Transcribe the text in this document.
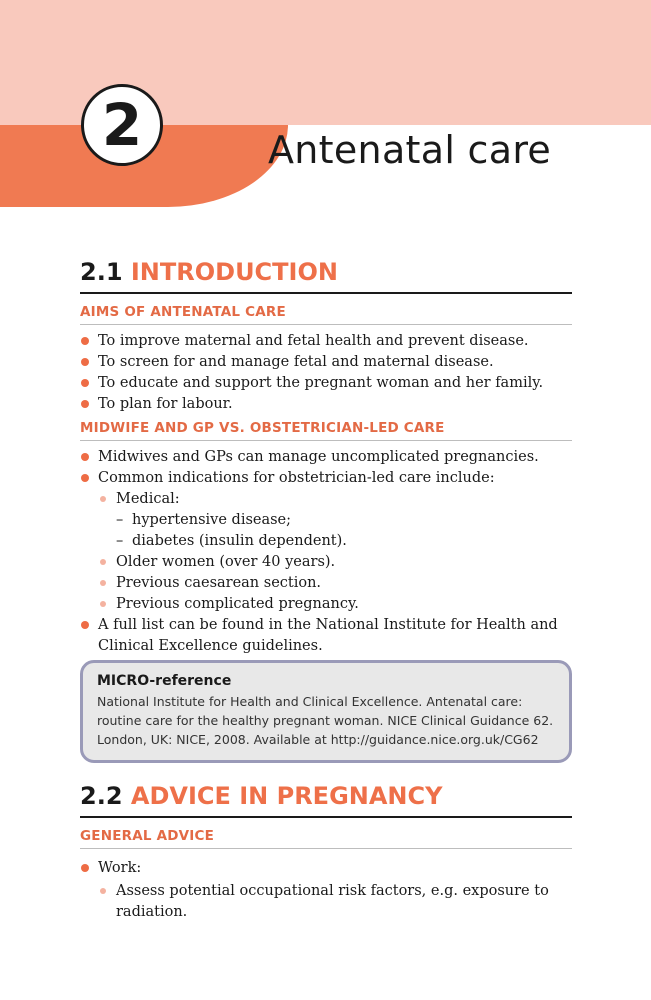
2	Antenatal care
2.1 INTRODUCTION
AIMS OF ANTENATAL CARE
To improve maternal and fetal health and prevent disease.
To screen for and manage fetal and maternal disease.
To educate and support the pregnant woman and her family.
To plan for labour.
MIDWIFE AND GP VS. OBSTETRICIAN-LED CARE
Midwives and GPs can manage uncomplicated pregnancies.
Common indications for obstetrician-led care include:
Medical:
– hypertensive disease;
– diabetes (insulin dependent).
Older women (over 40 years).
Previous caesarean section.
Previous complicated pregnancy.
A full list can be found in the National Institute for Health and Clinical Excellence guidelines.
MICRO-reference
National Institute for Health and Clinical Excellence. Antenatal care: routine care for the healthy pregnant woman. NICE Clinical Guidance 62. London, UK: NICE, 2008. Available at http://guidance.nice.org.uk/CG62
2.2 ADVICE IN PREGNANCY
GENERAL ADVICE
Work:
Assess potential occupational risk factors, e.g. exposure to radiation.
